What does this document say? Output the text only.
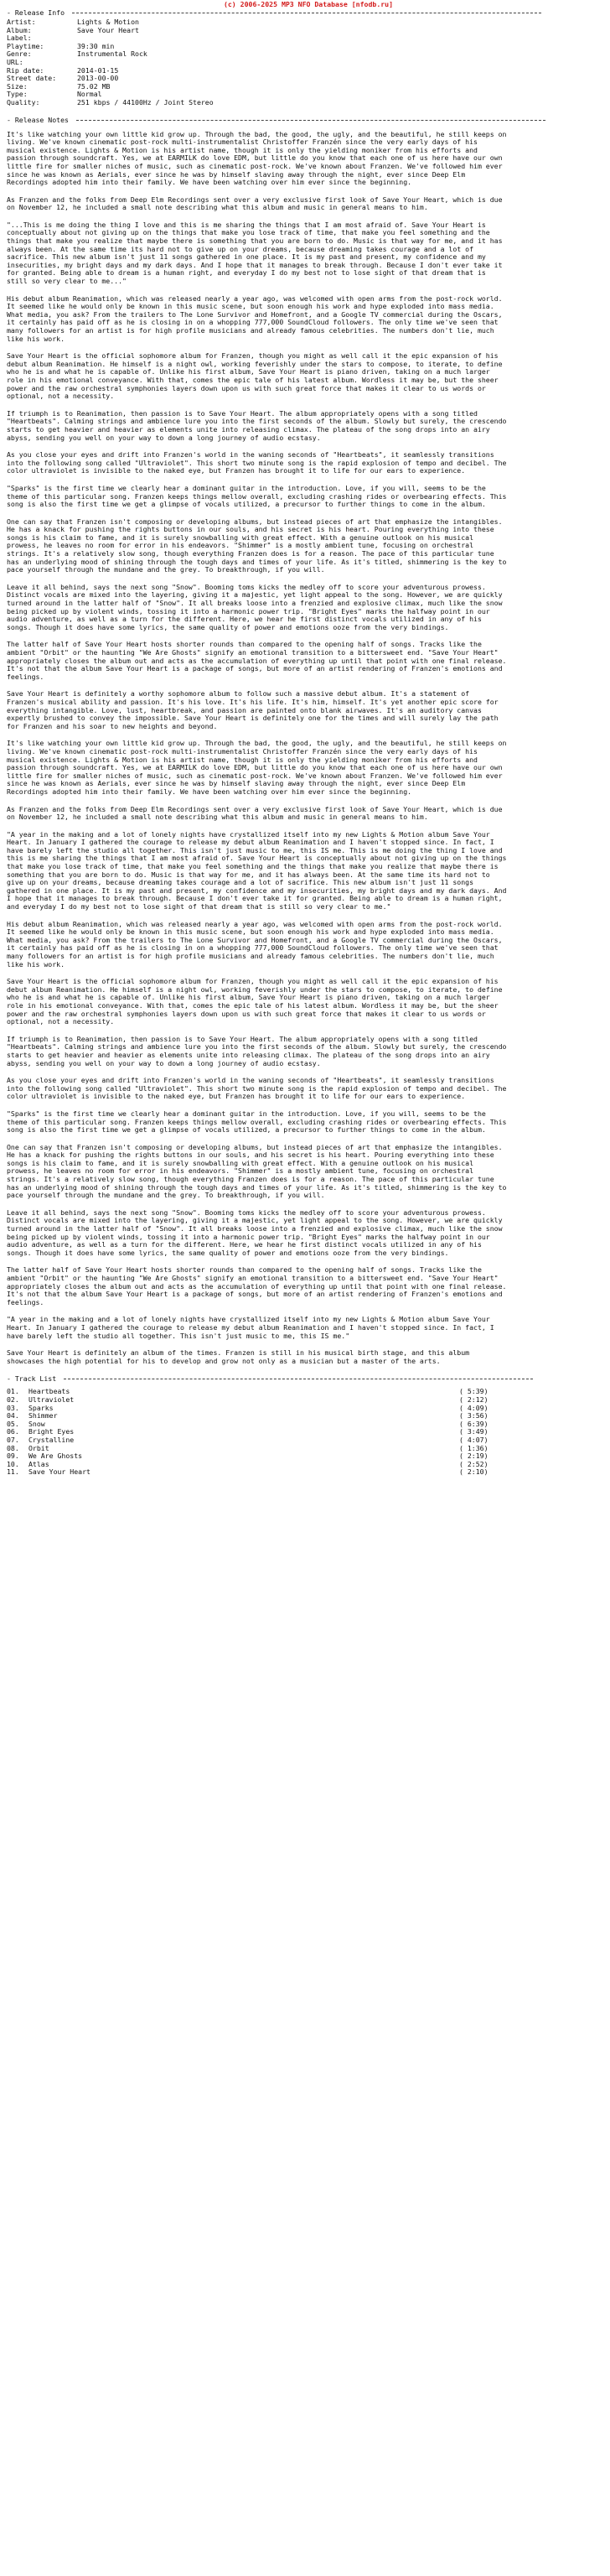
(c) 2006-2025 MP3 NFO Database [nfodb.ru]
- Release Info
Artist:	Lights & Motion
Album:	Save Your Heart
Label:
Playtime:	39:30 min
Genre:	Instrumental Rock
URL:
Rip date:	2014-01-15
Street date:	2013-00-00
Size:	75.02 MB
Type:	Normal
Quality:	251 kbps / 44100Hz / Joint Stereo
- Release Notes
It's like watching your own little kid grow up. Through the bad, the good, the ugly, and the beautiful, he still keeps on living. We've known cinematic post-rock multi-instrumentalist Christoffer Franzén since the very early days of his musical existence. Lights & Motion is his artist name, though it is only the yielding moniker from his efforts and passion through soundcraft. Yes, we at EARMILK do love EDM, but little do you know that each one of us here have our own little fire for smaller niches of music, such as cinematic post-rock. We've known about Franzen. We've followed him ever since he was known as Aerials, ever since he was by himself slaving away through the night, ever since Deep Elm Recordings adopted him into their family. We have been watching over him ever since the beginning.
As Franzen and the folks from Deep Elm Recordings sent over a very exclusive first look of Save Your Heart, which is due on November 12, he included a small note describing what this album and music in general means to him.
"...This is me doing the thing I love and this is me sharing the things that I am most afraid of. Save Your Heart is conceptually about not giving up on the things that make you lose track of time, that make you feel something and the things that make you realize that maybe there is something that you are born to do. Music is that way for me, and it has always been. At the same time its hard not to give up on your dreams, because dreaming takes courage and a lot of sacrifice. This new album isn't just 11 songs gathered in one place. It is my past and present, my confidence and my insecurities, my bright days and my dark days. And I hope that it manages to break through. Because I don't ever take it for granted. Being able to dream is a human right, and everyday I do my best not to lose sight of that dream that is still so very clear to me..."
His debut album Reanimation, which was released nearly a year ago, was welcomed with open arms from the post-rock world. It seemed like he would only be known in this music scene, but soon enough his work and hype exploded into mass media. What media, you ask? From the trailers to The Lone Survivor and Homefront, and a Google TV commercial during the Oscars, it certainly has paid off as he is closing in on a whopping 777,000 SoundCloud followers. The only time we've seen that many followers for an artist is for high profile musicians and already famous celebrities. The numbers don't lie, much like his work.
Save Your Heart is the official sophomore album for Franzen, though you might as well call it the epic expansion of his debut album Reanimation. He himself is a night owl, working feverishly under the stars to compose, to iterate, to define who he is and what he is capable of. Unlike his first album, Save Your Heart is piano driven, taking on a much larger role in his emotional conveyance. With that, comes the epic tale of his latest album. Wordless it may be, but the sheer power and the raw orchestral symphonies layers down upon us with such great force that makes it clear to us words or optional, not a necessity.
If triumph is to Reanimation, then passion is to Save Your Heart. The album appropriately opens with a song titled "Heartbeats". Calming strings and ambience lure you into the first seconds of the album. Slowly but surely, the crescendo starts to get heavier and heavier as elements unite into releasing climax. The plateau of the song drops into an airy abyss, sending you well on your way to down a long journey of audio ecstasy.
As you close your eyes and drift into Franzen's world in the waning seconds of "Heartbeats", it seamlessly transitions into the following song called "Ultraviolet". This short two minute song is the rapid explosion of tempo and decibel. The color ultraviolet is invisible to the naked eye, but Franzen has brought it to life for our ears to experience.
"Sparks" is the first time we clearly hear a dominant guitar in the introduction. Love, if you will, seems to be the theme of this particular song. Franzen keeps things mellow overall, excluding crashing rides or overbearing effects. This song is also the first time we get a glimpse of vocals utilized, a precursor to further things to come in the album.
One can say that Franzen isn't composing or developing albums, but instead pieces of art that emphasize the intangibles. He has a knack for pushing the rights buttons in our souls, and his secret is his heart. Pouring everything into these songs is his claim to fame, and it is surely snowballing with great effect. With a genuine outlook on his musical prowess, he leaves no room for error in his endeavors. "Shimmer" is a mostly ambient tune, focusing on orchestral strings. It's a relatively slow song, though everything Franzen does is for a reason. The pace of this particular tune has an underlying mood of shining through the tough days and times of your life. As it's titled, shimmering is the key to pace yourself through the mundane and the grey. To breakthrough, if you will.
Leave it all behind, says the next song "Snow". Booming toms kicks the medley off to score your adventurous prowess. Distinct vocals are mixed into the layering, giving it a majestic, yet light appeal to the song. However, we are quickly turned around in the latter half of "Snow". It all breaks loose into a frenzied and explosive climax, much like the snow being picked up by violent winds, tossing it into a harmonic power trip. "Bright Eyes" marks the halfway point in our audio adventure, as well as a turn for the different. Here, we hear he first distinct vocals utilized in any of his songs. Though it does have some lyrics, the same quality of power and emotions ooze from the very bindings.
The latter half of Save Your Heart hosts shorter rounds than compared to the opening half of songs. Tracks like the ambient "Orbit" or the haunting "We Are Ghosts" signify an emotional transition to a bittersweet end. "Save Your Heart" appropriately closes the album out and acts as the accumulation of everything up until that point with one final release. It's not that the album Save Your Heart is a package of songs, but more of an artist rendering of Franzen's emotions and feelings.
Save Your Heart is definitely a worthy sophomore album to follow such a massive debut album. It's a statement of Franzen's musical ability and passion. It's his love. It's his life. It's him, himself. It's yet another epic score for everything intangible. Love, lust, heartbreak, and passion are painted onto blank airwaves. It's an auditory canvas expertly brushed to convey the impossible. Save Your Heart is definitely one for the times and will surely lay the path for Franzen and his soar to new heights and beyond.
It's like watching your own little kid grow up. Through the bad, the good, the ugly, and the beautiful, he still keeps on living. We've known cinematic post-rock multi-instrumentalist Christoffer Franzén since the very early days of his musical existence. Lights & Motion is his artist name, though it is only the yielding moniker from his efforts and passion through soundcraft. Yes, we at EARMILK do love EDM, but little do you know that each one of us here have our own little fire for smaller niches of music, such as cinematic post-rock. We've known about Franzen. We've followed him ever since he was known as Aerials, ever since he was by himself slaving away through the night, ever since Deep Elm Recordings adopted him into their family. We have been watching over him ever since the beginning.
As Franzen and the folks from Deep Elm Recordings sent over a very exclusive first look of Save Your Heart, which is due on November 12, he included a small note describing what this album and music in general means to him.
"A year in the making and a lot of lonely nights have crystallized itself into my new Lights & Motion album Save Your Heart. In January I gathered the courage to release my debut album Reanimation and I haven't stopped since. In fact, I have barely left the studio all together. This isn't just music to me, this IS me. This is me doing the thing I love and this is me sharing the things that I am most afraid of. Save Your Heart is conceptually about not giving up on the things that make you lose track of time, that make you feel something and the things that make you realize that maybe there is something that you are born to do. Music is that way for me, and it has always been. At the same time its hard not to give up on your dreams, because dreaming takes courage and a lot of sacrifice. This new album isn't just 11 songs gathered in one place. It is my past and present, my confidence and my insecurities, my bright days and my dark days. And I hope that it manages to break through. Because I don't ever take it for granted. Being able to dream is a human right, and everyday I do my best not to lose sight of that dream that is still so very clear to me."
His debut album Reanimation, which was released nearly a year ago, was welcomed with open arms from the post-rock world. It seemed like he would only be known in this music scene, but soon enough his work and hype exploded into mass media. What media, you ask? From the trailers to The Lone Survivor and Homefront, and a Google TV commercial during the Oscars, it certainly has paid off as he is closing in on a whopping 777,000 SoundCloud followers. The only time we've seen that many followers for an artist is for high profile musicians and already famous celebrities. The numbers don't lie, much like his work.
Save Your Heart is the official sophomore album for Franzen, though you might as well call it the epic expansion of his debut album Reanimation. He himself is a night owl, working feverishly under the stars to compose, to iterate, to define who he is and what he is capable of. Unlike his first album, Save Your Heart is piano driven, taking on a much larger role in his emotional conveyance. With that, comes the epic tale of his latest album. Wordless it may be, but the sheer power and the raw orchestral symphonies layers down upon us with such great force that makes it clear to us words or optional, not a necessity.
If triumph is to Reanimation, then passion is to Save Your Heart. The album appropriately opens with a song titled "Heartbeats". Calming strings and ambience lure you into the first seconds of the album. Slowly but surely, the crescendo starts to get heavier and heavier as elements unite into releasing climax. The plateau of the song drops into an airy abyss, sending you well on your way to down a long journey of audio ecstasy.
As you close your eyes and drift into Franzen's world in the waning seconds of "Heartbeats", it seamlessly transitions into the following song called "Ultraviolet". This short two minute song is the rapid explosion of tempo and decibel. The color ultraviolet is invisible to the naked eye, but Franzen has brought it to life for our ears to experience.
"Sparks" is the first time we clearly hear a dominant guitar in the introduction. Love, if you will, seems to be the theme of this particular song. Franzen keeps things mellow overall, excluding crashing rides or overbearing effects. This song is also the first time we get a glimpse of vocals utilized, a precursor to further things to come in the album.
One can say that Franzen isn't composing or developing albums, but instead pieces of art that emphasize the intangibles. He has a knack for pushing the rights buttons in our souls, and his secret is his heart. Pouring everything into these songs is his claim to fame, and it is surely snowballing with great effect. With a genuine outlook on his musical prowess, he leaves no room for error in his endeavors. "Shimmer" is a mostly ambient tune, focusing on orchestral strings. It's a relatively slow song, though everything Franzen does is for a reason. The pace of this particular tune has an underlying mood of shining through the tough days and times of your life. As it's titled, shimmering is the key to pace yourself through the mundane and the grey. To breakthrough, if you will.
Leave it all behind, says the next song "Snow". Booming toms kicks the medley off to score your adventurous prowess. Distinct vocals are mixed into the layering, giving it a majestic, yet light appeal to the song. However, we are quickly turned around in the latter half of "Snow". It all breaks loose into a frenzied and explosive climax, much like the snow being picked up by violent winds, tossing it into a harmonic power trip. "Bright Eyes" marks the halfway point in our audio adventure, as well as a turn for the different. Here, we hear he first distinct vocals utilized in any of his songs. Though it does have some lyrics, the same quality of power and emotions ooze from the very bindings.
The latter half of Save Your Heart hosts shorter rounds than compared to the opening half of songs. Tracks like the ambient "Orbit" or the haunting "We Are Ghosts" signify an emotional transition to a bittersweet end. "Save Your Heart" appropriately closes the album out and acts as the accumulation of everything up until that point with one final release. It's not that the album Save Your Heart is a package of songs, but more of an artist rendering of Franzen's emotions and feelings.
"A year in the making and a lot of lonely nights have crystallized itself into my new Lights & Motion album Save Your Heart. In January I gathered the courage to release my debut album Reanimation and I haven't stopped since. In fact, I have barely left the studio all together. This isn't just music to me, this IS me."
Save Your Heart is definitely an album of the times. Franzen is still in his musical birth stage, and this album showcases the high potential for his to develop and grow not only as a musician but a master of the arts.
- Track List
01.	Heartbeats	( 5:39)
02.	Ultraviolet	( 2:12)
03.	Sparks	( 4:09)
04.	Shimmer	( 3:56)
05.	Snow	( 6:39)
06.	Bright Eyes	( 3:49)
07.	Crystalline	( 4:07)
08.	Orbit	( 1:36)
09.	We Are Ghosts	( 2:19)
10.	Atlas	( 2:52)
11.	Save Your Heart	( 2:10)
